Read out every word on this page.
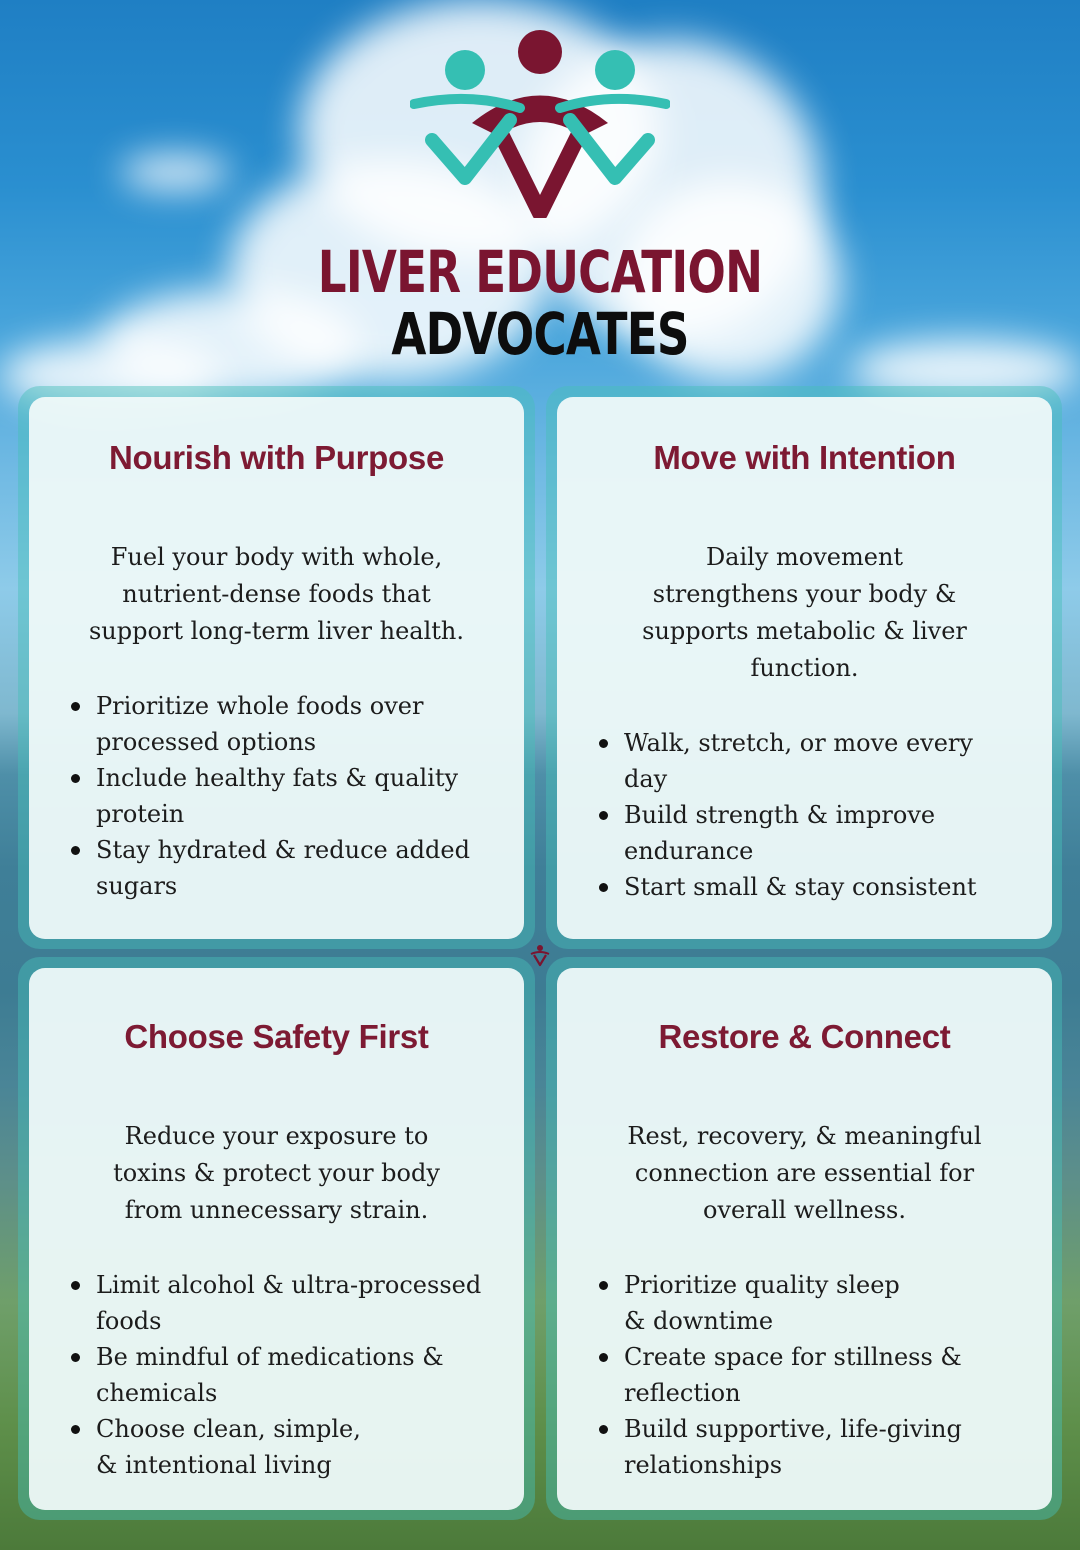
LIVER EDUCATION
ADVOCATES
Nourish with Purpose

Fuel your body with whole, nutrient-dense foods that support long-term liver health.

Prioritize whole foods over processed options
Include healthy fats & quality protein
Stay hydrated & reduce added sugars
Move with Intention

Daily movement strengthens your body & supports metabolic & liver function.

Walk, stretch, or move every day
Build strength & improve endurance
Start small & stay consistent
Choose Safety First

Reduce your exposure to toxins & protect your body from unnecessary strain.

Limit alcohol & ultra-processed foods
Be mindful of medications & chemicals
Choose clean, simple, & intentional living
Restore & Connect

Rest, recovery, & meaningful connection are essential for overall wellness.

Prioritize quality sleep & downtime
Create space for stillness & reflection
Build supportive, life-giving relationships
